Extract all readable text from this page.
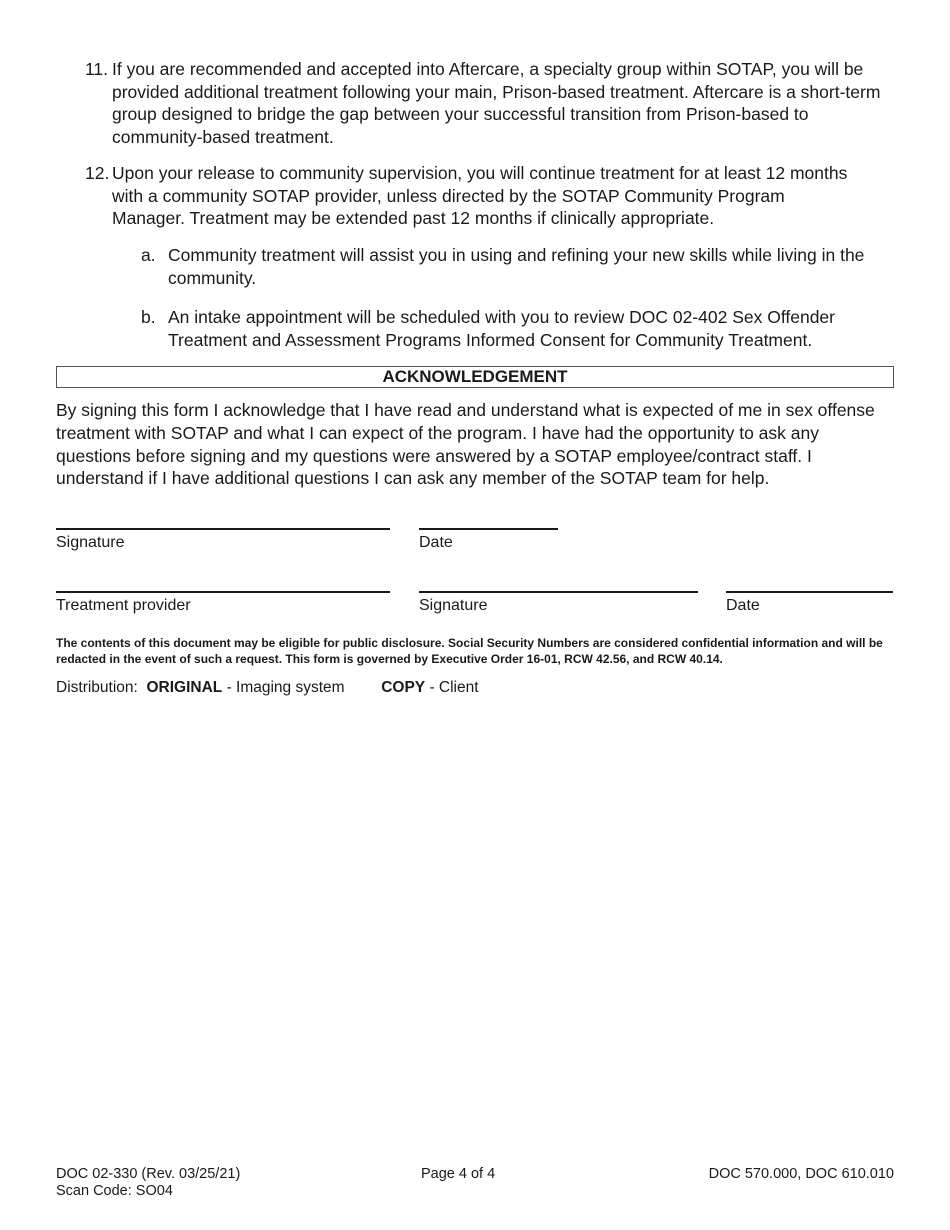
11. If you are recommended and accepted into Aftercare, a specialty group within SOTAP, you will be provided additional treatment following your main, Prison-based treatment. Aftercare is a short-term group designed to bridge the gap between your successful transition from Prison-based to community-based treatment.
12. Upon your release to community supervision, you will continue treatment for at least 12 months with a community SOTAP provider, unless directed by the SOTAP Community Program Manager. Treatment may be extended past 12 months if clinically appropriate.
a. Community treatment will assist you in using and refining your new skills while living in the community.
b. An intake appointment will be scheduled with you to review DOC 02-402 Sex Offender Treatment and Assessment Programs Informed Consent for Community Treatment.
ACKNOWLEDGEMENT
By signing this form I acknowledge that I have read and understand what is expected of me in sex offense treatment with SOTAP and what I can expect of the program. I have had the opportunity to ask any questions before signing and my questions were answered by a SOTAP employee/contract staff. I understand if I have additional questions I can ask any member of the SOTAP team for help.
Signature	Date
Treatment provider	Signature	Date
The contents of this document may be eligible for public disclosure. Social Security Numbers are considered confidential information and will be redacted in the event of such a request. This form is governed by Executive Order 16-01, RCW 42.56, and RCW 40.14.
Distribution: ORIGINAL - Imaging system COPY - Client
DOC 02-330 (Rev. 03/25/21)
Scan Code: SO04
Page 4 of 4	DOC 570.000, DOC 610.010
